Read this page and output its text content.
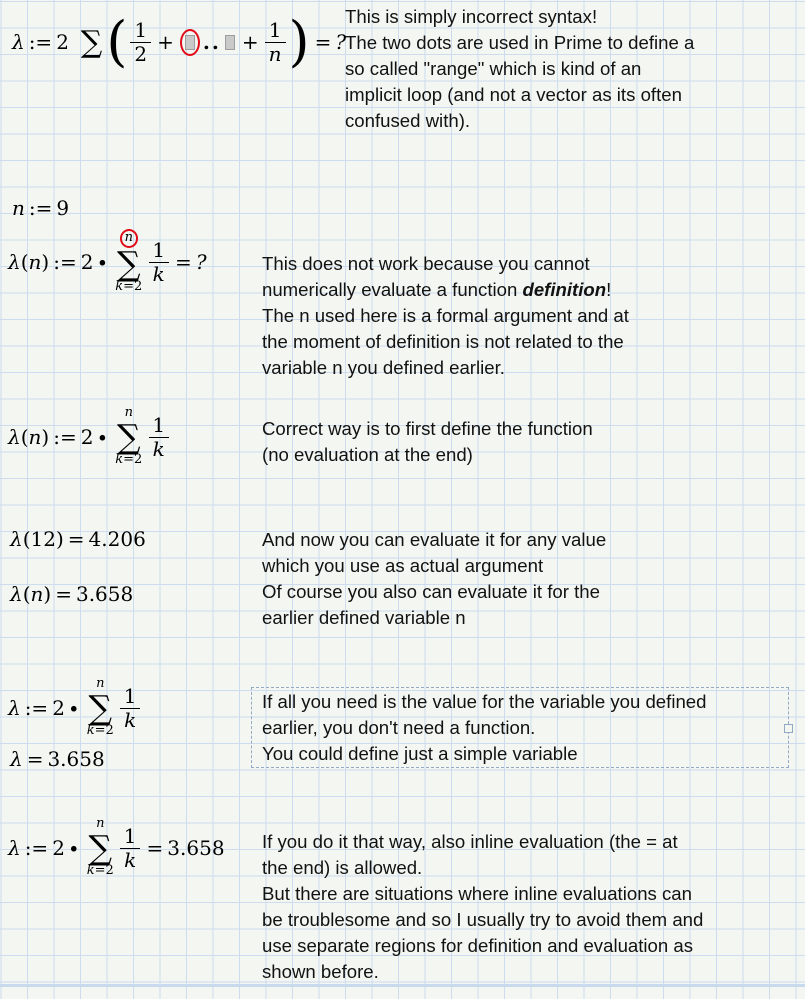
λ := 2 ∑ ( $\frac{1}{2}$ + .. + $\frac{1}{n}$ ) = ?
This is simply incorrect syntax!
The two dots are used in Prime to define a
so called "range" which is kind of an
implicit loop (and not a vector as its often
confused with).
n := 9
λ ( n ) := 2 ∙
n
∑
k =2
$\frac{1}{k}$ = ?	This does not work because you cannot
numerically evaluate a function definition!
The n used here is a formal argument and at
the moment of definition is not related to the
variable n you defined earlier.
λ ( n ) := 2 ∙
n
∑
$k =2 \frac{1}{k}$	Correct way is to first define the function
(no evaluation at the end)
λ ( 12 ) = 4.206	And now you can evaluate it for any value
which you use as actual argument
λ ( n ) = 3.658	Of course you also can evaluate it for the
earlier defined variable n
λ := 2 ∙
n
∑
$k =2 \frac{1}{k}$
λ = 3.658
If all you need is the value for the variable you defined
earlier, you don't need a function.
You could define just a simple variable
λ := 2 ∙
n
∑
$k =2 \frac{1}{k} = 3.658$ If you do it that way, also inline evaluation (the = at
the end) is allowed.
But there are situations where inline evaluations can
be troublesome and so I usually try to avoid them and
use separate regions for definition and evaluation as
shown before.
